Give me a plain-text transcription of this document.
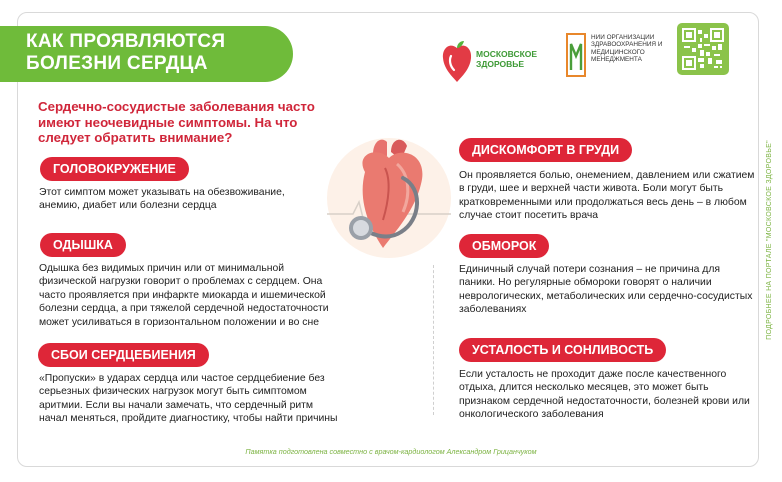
КАК ПРОЯВЛЯЮТСЯ БОЛЕЗНИ СЕРДЦА	МОСКОВСКОЕ ЗДОРОВЬЕ
НИИ ОРГАНИЗАЦИИ ЗДРАВООХРАНЕНИЯ И МЕДИЦИНСКОГО МЕНЕДЖМЕНТА
Сердечно-сосудистые заболевания часто имеют неочевидные симптомы. На что следует обратить внимание?
ГОЛОВОКРУЖЕНИЕ
Этот симптом может указывать на обезвоживание, анемию, диабет или болезни сердца
ОДЫШКА
Одышка без видимых причин или от минимальной физической нагрузки говорит о проблемах с сердцем. Она часто проявляется при инфаркте миокарда и ишемической болезни сердца, а при тяжелой сердечной недостаточности может усиливаться в горизонтальном положении и во сне
СБОИ СЕРДЦЕБИЕНИЯ
«Пропуски» в ударах сердца или частое сердцебиение без серьезных физических нагрузок могут быть симптомом аритмии. Если вы начали замечать, что сердечный ритм начал меняться, пройдите диагностику, чтобы найти причины
ДИСКОМФОРТ В ГРУДИ
Он проявляется болью, онемением, давлением или сжатием в груди, шее и верхней части живота. Боли могут быть кратковременными или продолжаться весь день – в любом случае стоит посетить врача
ОБМОРОК
Единичный случай потери сознания – не причина для паники. Но регулярные обмороки говорят о наличии неврологических, метаболических или сердечно-сосудистых заболеваниях
УСТАЛОСТЬ И СОНЛИВОСТЬ
Если усталость не проходит даже после качественного отдыха, длится несколько месяцев, это может быть признаком сердечной недостаточности, болезней крови или онкологического заболевания
Памятка подготовлена совместно с врачом-кардиологом Александром Грицанчуком
ПОДРОБНЕЕ НА ПОРТАЛЕ "МОСКОВСКОЕ ЗДОРОВЬЕ"
